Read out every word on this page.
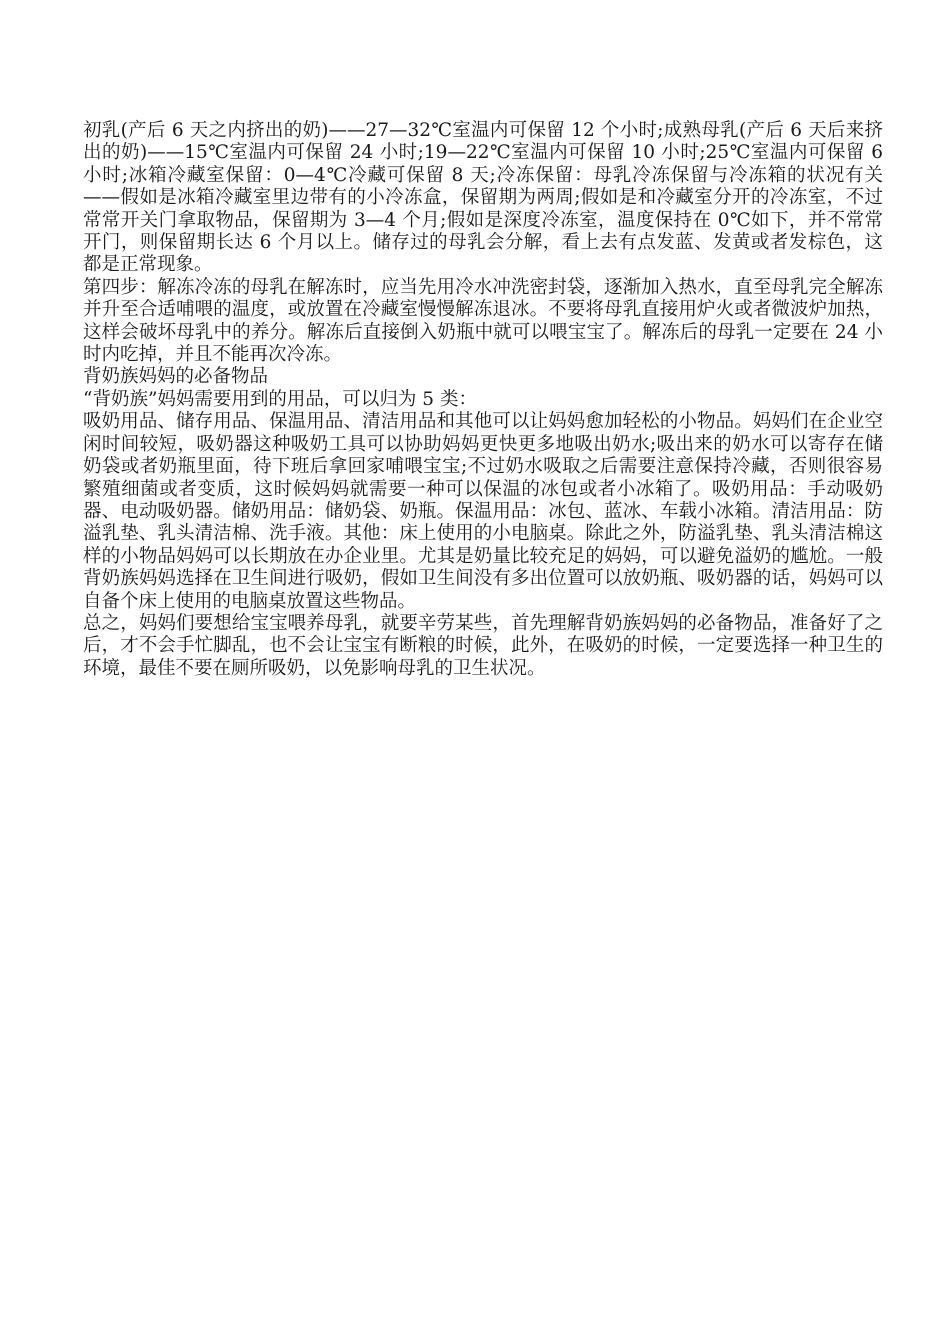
初乳(产后 6 天之内挤出的奶)——27—32℃室温内可保留 12 个小时;成熟母乳(产后 6 天后来挤出的奶)——15℃室温内可保留 24 小时;19—22℃室温内可保留 10 小时;25℃室温内可保留 6 小时;冰箱冷藏室保留：0—4℃冷藏可保留 8 天;冷冻保留：母乳冷冻保留与冷冻箱的状况有关——假如是冰箱冷藏室里边带有的小冷冻盒，保留期为两周;假如是和冷藏室分开的冷冻室，不过常常开关门拿取物品，保留期为 3—4 个月;假如是深度冷冻室，温度保持在 0℃如下，并不常常开门，则保留期长达 6 个月以上。储存过的母乳会分解，看上去有点发蓝、发黄或者发棕色，这都是正常现象。

第四步：解冻冷冻的母乳在解冻时，应当先用冷水冲洗密封袋，逐渐加入热水，直至母乳完全解冻并升至合适哺喂的温度，或放置在冷藏室慢慢解冻退冰。不要将母乳直接用炉火或者微波炉加热，这样会破坏母乳中的养分。解冻后直接倒入奶瓶中就可以喂宝宝了。解冻后的母乳一定要在 24 小时内吃掉，并且不能再次冷冻。

背奶族妈妈的必备物品

“背奶族”妈妈需要用到的用品，可以归为 5 类：

吸奶用品、储存用品、保温用品、清洁用品和其他可以让妈妈愈加轻松的小物品。妈妈们在企业空闲时间较短，吸奶器这种吸奶工具可以协助妈妈更快更多地吸出奶水;吸出来的奶水可以寄存在储奶袋或者奶瓶里面，待下班后拿回家哺喂宝宝;不过奶水吸取之后需要注意保持冷藏，否则很容易繁殖细菌或者变质，这时候妈妈就需要一种可以保温的冰包或者小冰箱了。吸奶用品：手动吸奶器、电动吸奶器。储奶用品：储奶袋、奶瓶。保温用品：冰包、蓝冰、车载小冰箱。清洁用品：防溢乳垫、乳头清洁棉、洗手液。其他：床上使用的小电脑桌。除此之外，防溢乳垫、乳头清洁棉这样的小物品妈妈可以长期放在办企业里。尤其是奶量比较充足的妈妈，可以避免溢奶的尴尬。一般背奶族妈妈选择在卫生间进行吸奶，假如卫生间没有多出位置可以放奶瓶、吸奶器的话，妈妈可以自备个床上使用的电脑桌放置这些物品。

总之，妈妈们要想给宝宝喂养母乳，就要辛劳某些，首先理解背奶族妈妈的必备物品，准备好了之后，才不会手忙脚乱，也不会让宝宝有断粮的时候，此外，在吸奶的时候，一定要选择一种卫生的环境，最佳不要在厕所吸奶，以免影响母乳的卫生状况。
